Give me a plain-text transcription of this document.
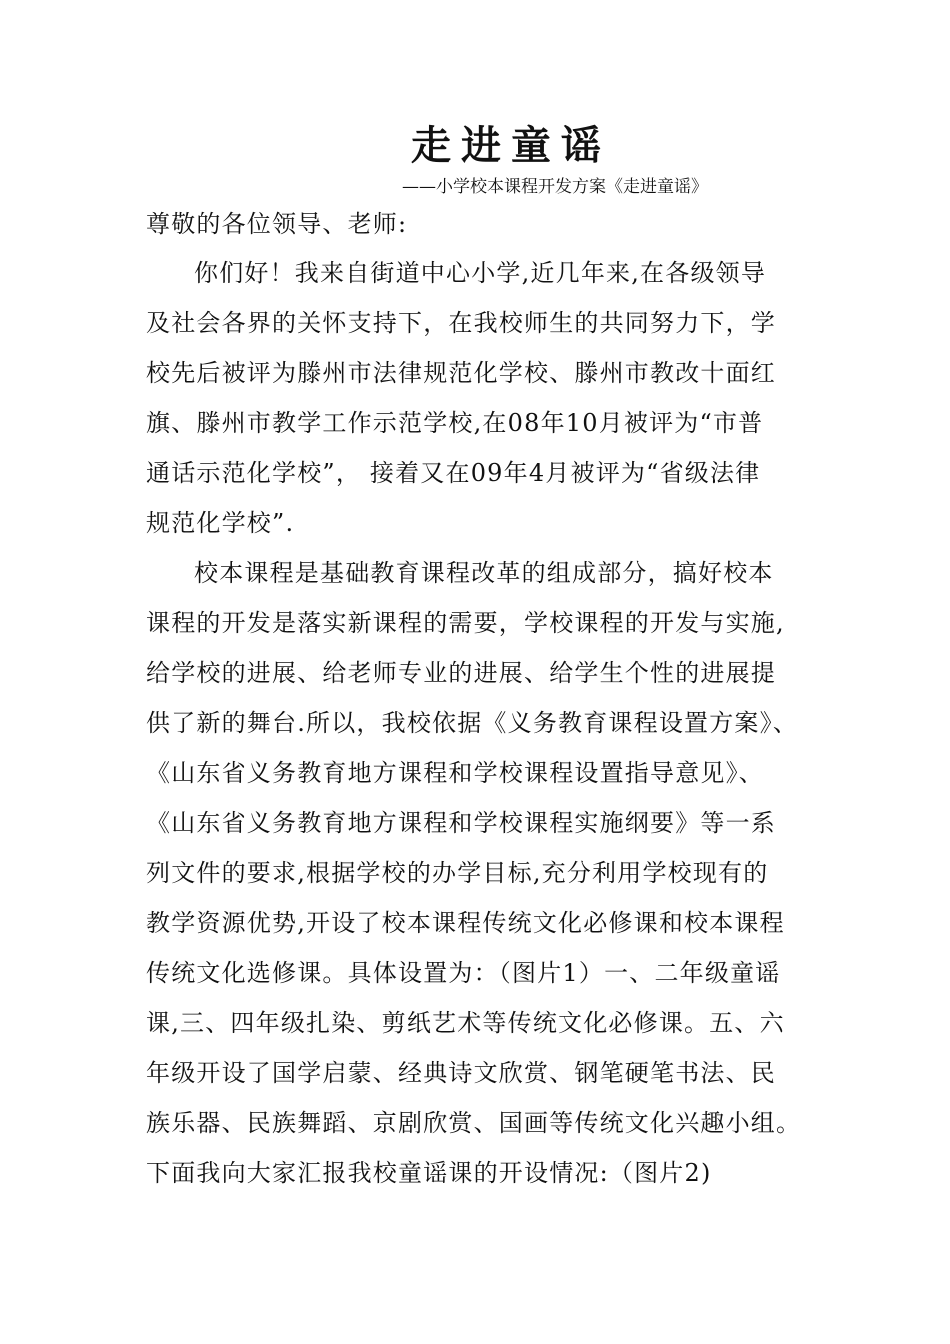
走进童谣
——小学校本课程开发方案《走进童谣》
尊敬的各位领导、老师:
你们好！我来自街道中心小学,近几年来,在各级领导
及社会各界的关怀支持下，在我校师生的共同努力下，学
校先后被评为滕州市法律规范化学校、滕州市教改十面红
旗、滕州市教学工作示范学校,在08年10月被评为“市普
通话示范化学校”， 接着又在09年4月被评为“省级法律
规范化学校”.
校本课程是基础教育课程改革的组成部分，搞好校本
课程的开发是落实新课程的需要，学校课程的开发与实施,
给学校的进展、给老师专业的进展、给学生个性的进展提
供了新的舞台.所以，我校依据《义务教育课程设置方案》、
《山东省义务教育地方课程和学校课程设置指导意见》、
《山东省义务教育地方课程和学校课程实施纲要》等一系
列文件的要求,根据学校的办学目标,充分利用学校现有的
教学资源优势,开设了校本课程传统文化必修课和校本课程
传统文化选修课。具体设置为：（图片1）一、二年级童谣
课,三、四年级扎染、剪纸艺术等传统文化必修课。五、六
年级开设了国学启蒙、经典诗文欣赏、钢笔硬笔书法、民
族乐器、民族舞蹈、京剧欣赏、国画等传统文化兴趣小组。
下面我向大家汇报我校童谣课的开设情况:（图片2)
